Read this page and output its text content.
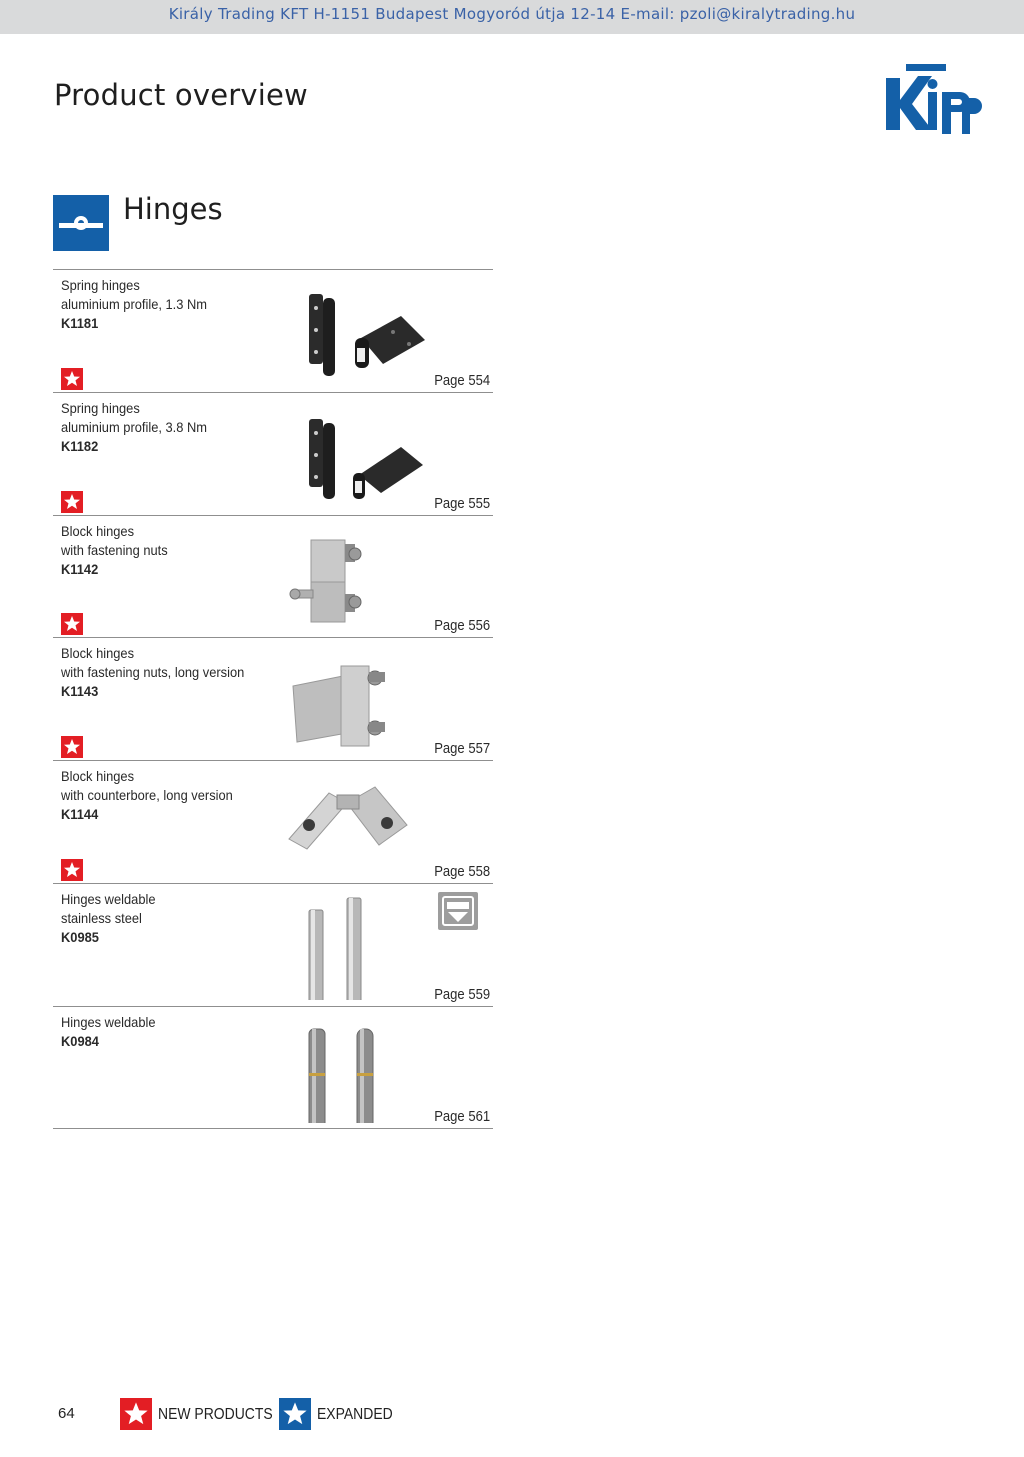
Király Trading KFT H-1151 Budapest Mogyoród útja 12-14 E-mail: pzoli@kiralytrading.hu
Product overview
Hinges
Spring hinges
aluminium profile, 1.3 Nm
K1181
Page 554
Spring hinges
aluminium profile, 3.8 Nm
K1182
Page 555
Block hinges
with fastening nuts
K1142
Page 556
Block hinges
with fastening nuts, long version
K1143
Page 557
Block hinges
with counterbore, long version
K1144
Page 558
Hinges weldable
stainless steel
K0985
Page 559
Hinges weldable
K0984
Page 561
64	NEW PRODUCTS	EXPANDED
